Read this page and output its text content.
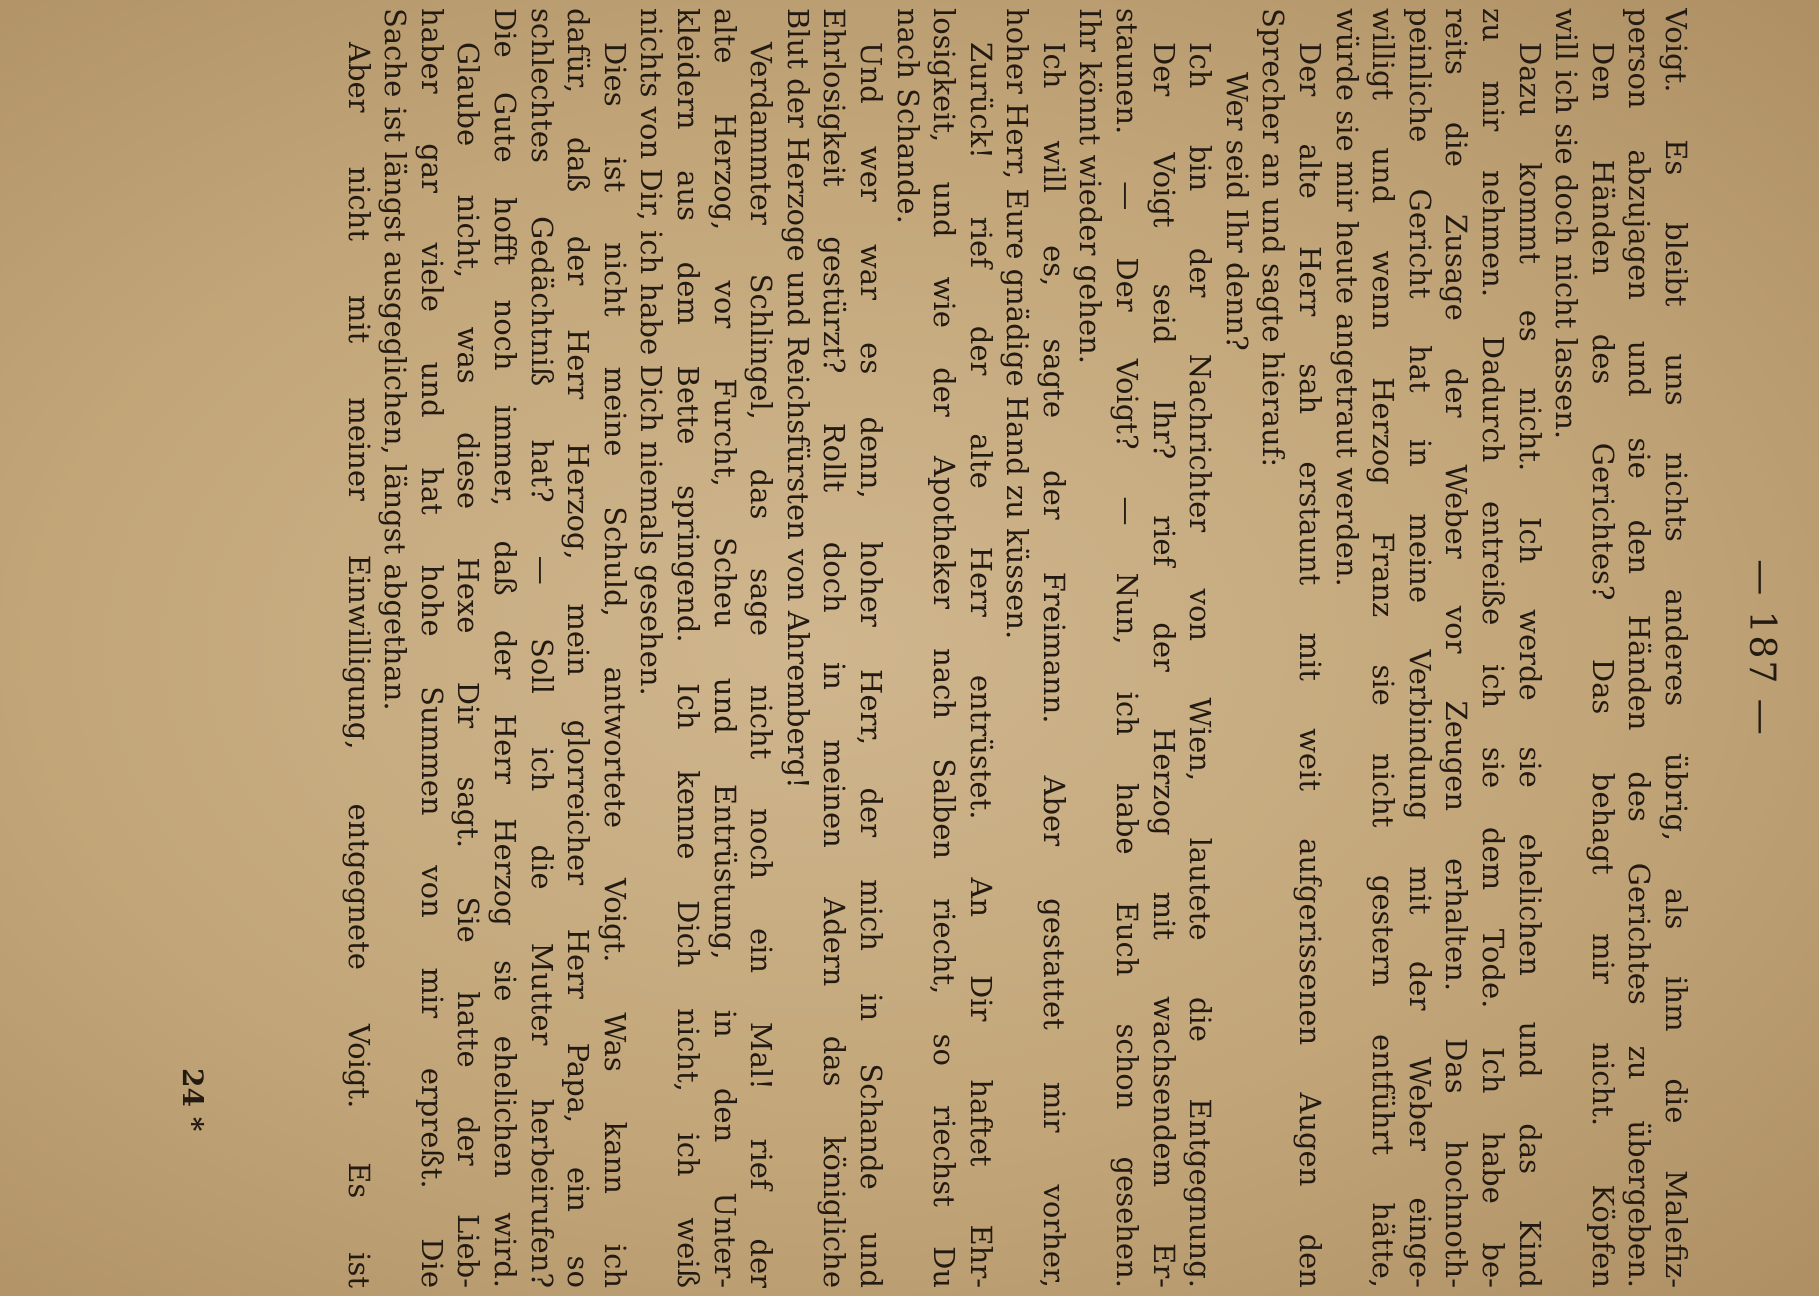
— 187 —
Voigt. Es bleibt uns nichts anderes übrig, als ihm die Malefiz-
person abzujagen und sie den Händen des Gerichtes zu übergeben.
Den Händen des Gerichtes? Das behagt mir nicht. Köpfen
will ich sie doch nicht lassen.
Dazu kommt es nicht. Ich werde sie ehelichen und das Kind
zu mir nehmen. Dadurch entreiße ich sie dem Tode. Ich habe be-
reits die Zusage der Weber vor Zeugen erhalten. Das hochnoth-
peinliche Gericht hat in meine Verbindung mit der Weber einge-
willigt und wenn Herzog Franz sie nicht gestern entführt hätte,
würde sie mir heute angetraut werden.
Der alte Herr sah erstaunt mit weit aufgerissenen Augen den
Sprecher an und sagte hierauf:
Wer seid Ihr denn?
Ich bin der Nachrichter von Wien, lautete die Entgegnung.
Der Voigt seid Ihr? rief der Herzog mit wachsendem Er-
staunen. — Der Voigt? — Nun, ich habe Euch schon gesehen.
Ihr könnt wieder gehen.
Ich will es, sagte der Freimann. Aber gestattet mir vorher,
hoher Herr, Eure gnädige Hand zu küssen.
Zurück! rief der alte Herr entrüstet. An Dir haftet Ehr-
losigkeit, und wie der Apotheker nach Salben riecht, so riechst Du
nach Schande.
Und wer war es denn, hoher Herr, der mich in Schande und
Ehrlosigkeit gestürzt? Rollt doch in meinen Adern das königliche
Blut der Herzoge und Reichsfürsten von Ahremberg!
Verdammter Schlingel, das sage nicht noch ein Mal! rief der
alte Herzog, vor Furcht, Scheu und Entrüstung, in den Unter-
kleidern aus dem Bette springend. Ich kenne Dich nicht, ich weiß
nichts von Dir, ich habe Dich niemals gesehen.
Dies ist nicht meine Schuld, antwortete Voigt. Was kann ich
dafür, daß der Herr Herzog, mein glorreicher Herr Papa, ein so
schlechtes Gedächtniß hat? — Soll ich die Mutter herbeirufen?
Die Gute hofft noch immer, daß der Herr Herzog sie ehelichen wird.
Glaube nicht, was diese Hexe Dir sagt. Sie hatte der Lieb-
haber gar viele und hat hohe Summen von mir erpreßt. Die
Sache ist längst ausgeglichen, längst abgethan.
Aber nicht mit meiner Einwilligung, entgegnete Voigt. Es ist
24 *
